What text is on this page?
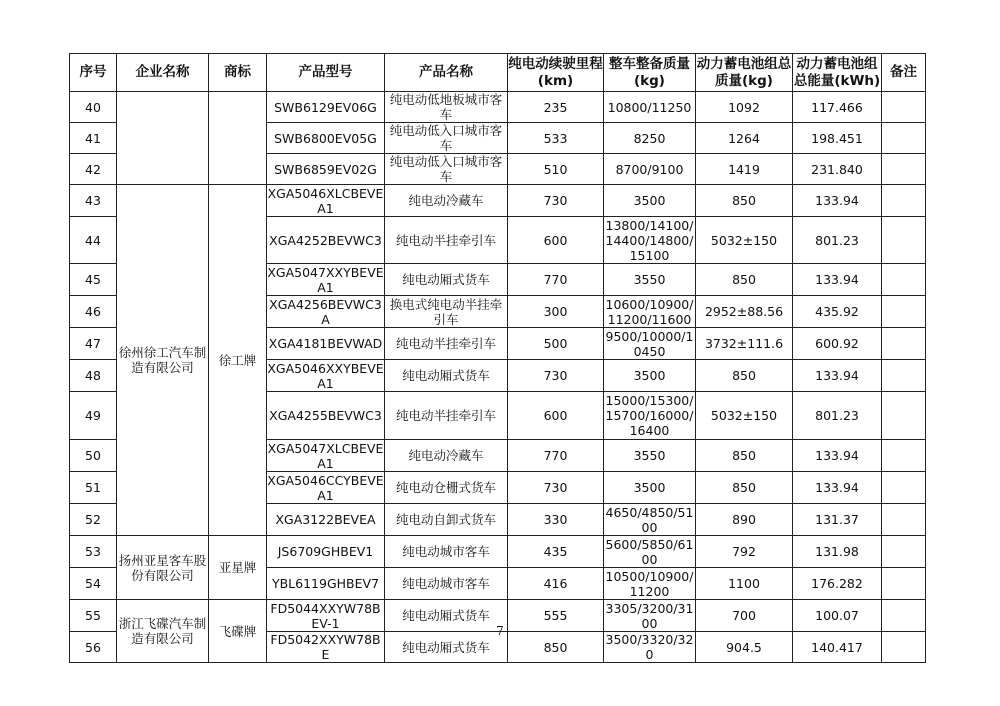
序号	企业名称	商标	产品型号	产品名称	纯电动续驶里程(km)	整车整备质量(kg)	动力蓄电池组总质量(kg)	动力蓄电池组总能量(kWh)	备注
40			SWB6129EV06G	纯电动低地板城市客车	235	10800/11250	1092	117.466	
41			SWB6800EV05G	纯电动低入口城市客车	533	8250	1264	198.451	
42			SWB6859EV02G	纯电动低入口城市客车	510	8700/9100	1419	231.840	
43	徐州徐工汽车制造有限公司	徐工牌	XGA5046XLCBEVEA1	纯电动冷藏车	730	3500	850	133.94	
44			XGA4252BEVWC3	纯电动半挂牵引车	600	13800/14100/14400/14800/15100	5032±150	801.23	
45			XGA5047XXYBEVEA1	纯电动厢式货车	770	3550	850	133.94	
46			XGA4256BEVWC3A	换电式纯电动半挂牵引车	300	10600/10900/11200/11600	2952±88.56	435.92	
47			XGA4181BEVWAD	纯电动半挂牵引车	500	9500/10000/10450	3732±111.6	600.92	
48			XGA5046XXYBEVEA1	纯电动厢式货车	730	3500	850	133.94	
49			XGA4255BEVWC3	纯电动半挂牵引车	600	15000/15300/15700/16000/16400	5032±150	801.23	
50			XGA5047XLCBEVEA1	纯电动冷藏车	770	3550	850	133.94	
51			XGA5046CCYBEVEA1	纯电动仓栅式货车	730	3500	850	133.94	
52			XGA3122BEVEA	纯电动自卸式货车	330	4650/4850/5100	890	131.37	
53	扬州亚星客车股份有限公司	亚星牌	JS6709GHBEV1	纯电动城市客车	435	5600/5850/6100	792	131.98	
54			YBL6119GHBEV7	纯电动城市客车	416	10500/10900/11200	1100	176.282	
55	浙江飞碟汽车制造有限公司	飞碟牌	FD5044XXYW78BEV-1	纯电动厢式货车	555	3305/3200/3100	700	100.07	
56			FD5042XXYW78BE	纯电动厢式货车	850	3500/3320/320	904.5	140.417	
7
